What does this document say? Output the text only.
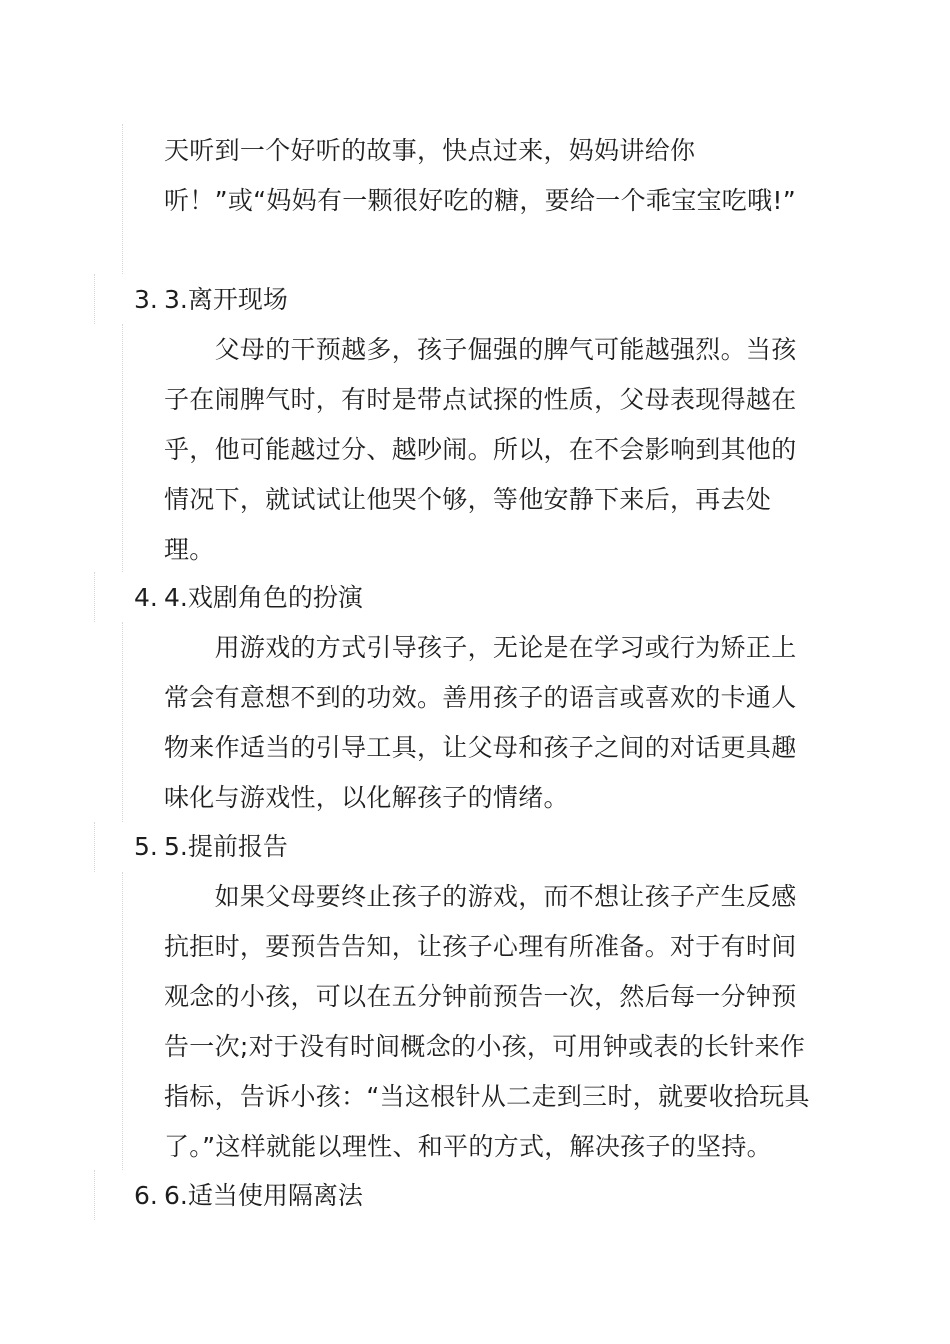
天听到一个好听的故事，快点过来，妈妈讲给你听！”或“妈妈有一颗很好吃的糖，要给一个乖宝宝吃哦!”
3. 3.离开现场
　　父母的干预越多，孩子倔强的脾气可能越强烈。当孩子在闹脾气时，有时是带点试探的性质，父母表现得越在乎，他可能越过分、越吵闹。所以，在不会影响到其他的情况下，就试试让他哭个够，等他安静下来后，再去处理。
4. 4.戏剧角色的扮演
　　用游戏的方式引导孩子，无论是在学习或行为矫正上常会有意想不到的功效。善用孩子的语言或喜欢的卡通人物来作适当的引导工具，让父母和孩子之间的对话更具趣味化与游戏性，以化解孩子的情绪。
5. 5.提前报告
　　如果父母要终止孩子的游戏，而不想让孩子产生反感抗拒时，要预告告知，让孩子心理有所准备。对于有时间观念的小孩，可以在五分钟前预告一次，然后每一分钟预告一次;对于没有时间概念的小孩，可用钟或表的长针来作指标，告诉小孩：“当这根针从二走到三时，就要收拾玩具了。”这样就能以理性、和平的方式，解决孩子的坚持。
6. 6.适当使用隔离法
